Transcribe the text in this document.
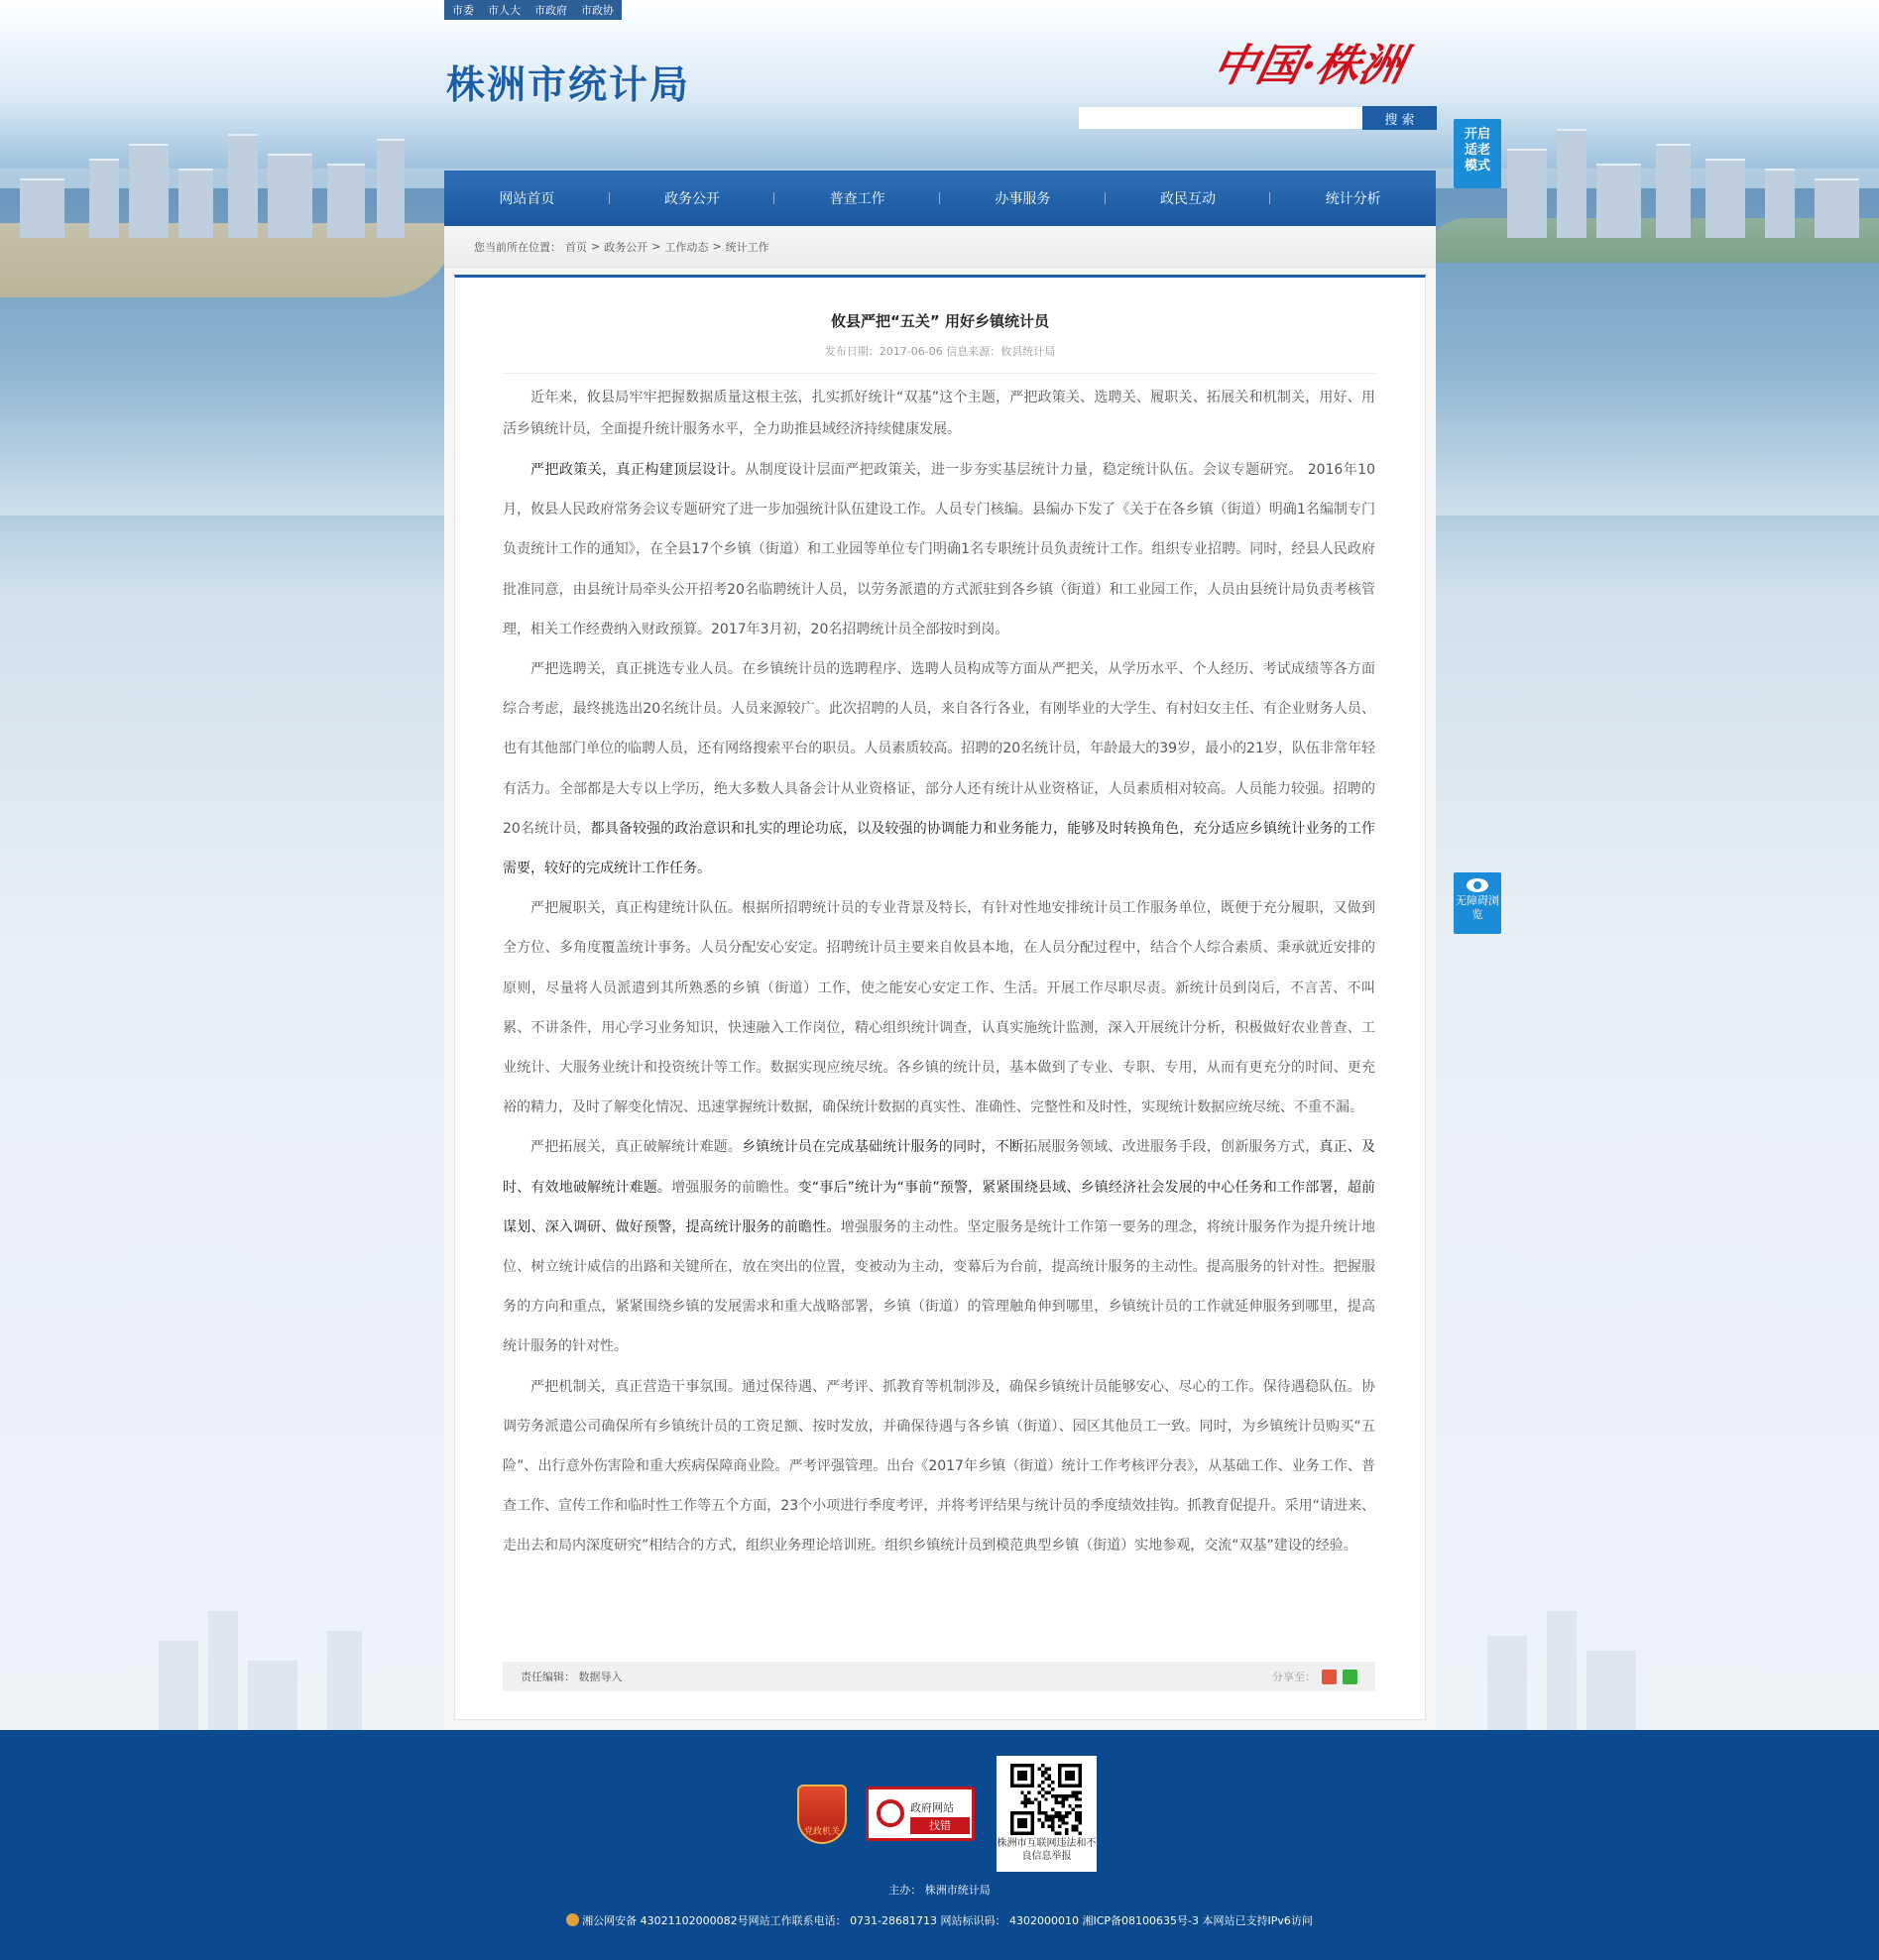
市委 市人大 市政府 市政协
株洲市统计局	中国·株洲
搜 索
开启适老模式
无障碍浏览
网站首页	政务公开	普查工作	办事服务	政民互动	统计分析
您当前所在位置： 首页 > 政务公开 > 工作动态 > 统计工作
攸县严把“五关” 用好乡镇统计员
发布日期：2017-06-06 信息来源：攸县统计局

近年来，攸县局牢牢把握数据质量这根主弦，扎实抓好统计“双基”这个主题，严把政策关、选聘关、履职关、拓展关和机制关，用好、用活乡镇统计员，全面提升统计服务水平，全力助推县域经济持续健康发展。

严把政策关，真正构建顶层设计。从制度设计层面严把政策关，进一步夯实基层统计力量，稳定统计队伍。会议专题研究。 2016年10月，攸县人民政府常务会议专题研究了进一步加强统计队伍建设工作。人员专门核编。县编办下发了《关于在各乡镇（街道）明确1名编制专门负责统计工作的通知》，在全县17个乡镇（街道）和工业园等单位专门明确1名专职统计员负责统计工作。组织专业招聘。同时，经县人民政府批准同意，由县统计局牵头公开招考20名临聘统计人员，以劳务派遣的方式派驻到各乡镇（街道）和工业园工作，人员由县统计局负责考核管理，相关工作经费纳入财政预算。2017年3月初，20名招聘统计员全部按时到岗。

严把选聘关，真正挑选专业人员。在乡镇统计员的选聘程序、选聘人员构成等方面从严把关，从学历水平、个人经历、考试成绩等各方面综合考虑，最终挑选出20名统计员。人员来源较广。此次招聘的人员，来自各行各业，有刚毕业的大学生、有村妇女主任、有企业财务人员、也有其他部门单位的临聘人员，还有网络搜索平台的职员。人员素质较高。招聘的20名统计员，年龄最大的39岁，最小的21岁，队伍非常年轻有活力。全部都是大专以上学历，绝大多数人具备会计从业资格证，部分人还有统计从业资格证，人员素质相对较高。人员能力较强。招聘的20名统计员，都具备较强的政治意识和扎实的理论功底，以及较强的协调能力和业务能力，能够及时转换角色，充分适应乡镇统计业务的工作需要，较好的完成统计工作任务。

严把履职关，真正构建统计队伍。根据所招聘统计员的专业背景及特长，有针对性地安排统计员工作服务单位，既便于充分履职，又做到全方位、多角度覆盖统计事务。人员分配安心安定。招聘统计员主要来自攸县本地，在人员分配过程中，结合个人综合素质、秉承就近安排的原则，尽量将人员派遣到其所熟悉的乡镇（街道）工作，使之能安心安定工作、生活。开展工作尽职尽责。新统计员到岗后，不言苦、不叫累、不讲条件，用心学习业务知识，快速融入工作岗位，精心组织统计调查，认真实施统计监测，深入开展统计分析，积极做好农业普查、工业统计、大服务业统计和投资统计等工作。数据实现应统尽统。各乡镇的统计员，基本做到了专业、专职、专用，从而有更充分的时间、更充裕的精力，及时了解变化情况、迅速掌握统计数据，确保统计数据的真实性、准确性、完整性和及时性，实现统计数据应统尽统、不重不漏。

严把拓展关，真正破解统计难题。乡镇统计员在完成基础统计服务的同时，不断拓展服务领域、改进服务手段，创新服务方式，真正、及时、有效地破解统计难题。增强服务的前瞻性。变“事后”统计为“事前”预警，紧紧围绕县域、乡镇经济社会发展的中心任务和工作部署，超前谋划、深入调研、做好预警，提高统计服务的前瞻性。增强服务的主动性。坚定服务是统计工作第一要务的理念，将统计服务作为提升统计地位、树立统计威信的出路和关键所在，放在突出的位置，变被动为主动，变幕后为台前，提高统计服务的主动性。提高服务的针对性。把握服务的方向和重点，紧紧围绕乡镇的发展需求和重大战略部署，乡镇（街道）的管理触角伸到哪里，乡镇统计员的工作就延伸服务到哪里，提高统计服务的针对性。

严把机制关，真正营造干事氛围。通过保待遇、严考评、抓教育等机制涉及，确保乡镇统计员能够安心、尽心的工作。保待遇稳队伍。协调劳务派遣公司确保所有乡镇统计员的工资足额、按时发放，并确保待遇与各乡镇（街道）、园区其他员工一致。同时，为乡镇统计员购买“五险”、出行意外伤害险和重大疾病保障商业险。严考评强管理。出台《2017年乡镇（街道）统计工作考核评分表》，从基础工作、业务工作、普查工作、宣传工作和临时性工作等五个方面，23个小项进行季度考评，并将考评结果与统计员的季度绩效挂钩。抓教育促提升。采用“请进来、走出去和局内深度研究”相结合的方式，组织业务理论培训班。组织乡镇统计员到模范典型乡镇（街道）实地参观，交流“双基”建设的经验。

责任编辑： 数据导入	分享至：
党政机关
政府网站
找错
株洲市互联网违法和不良信息举报
主办： 株洲市统计局
湘公网安备 43021102000082号网站工作联系电话： 0731-28681713 网站标识码： 4302000010 湘ICP备08100635号-3 本网站已支持IPv6访问
